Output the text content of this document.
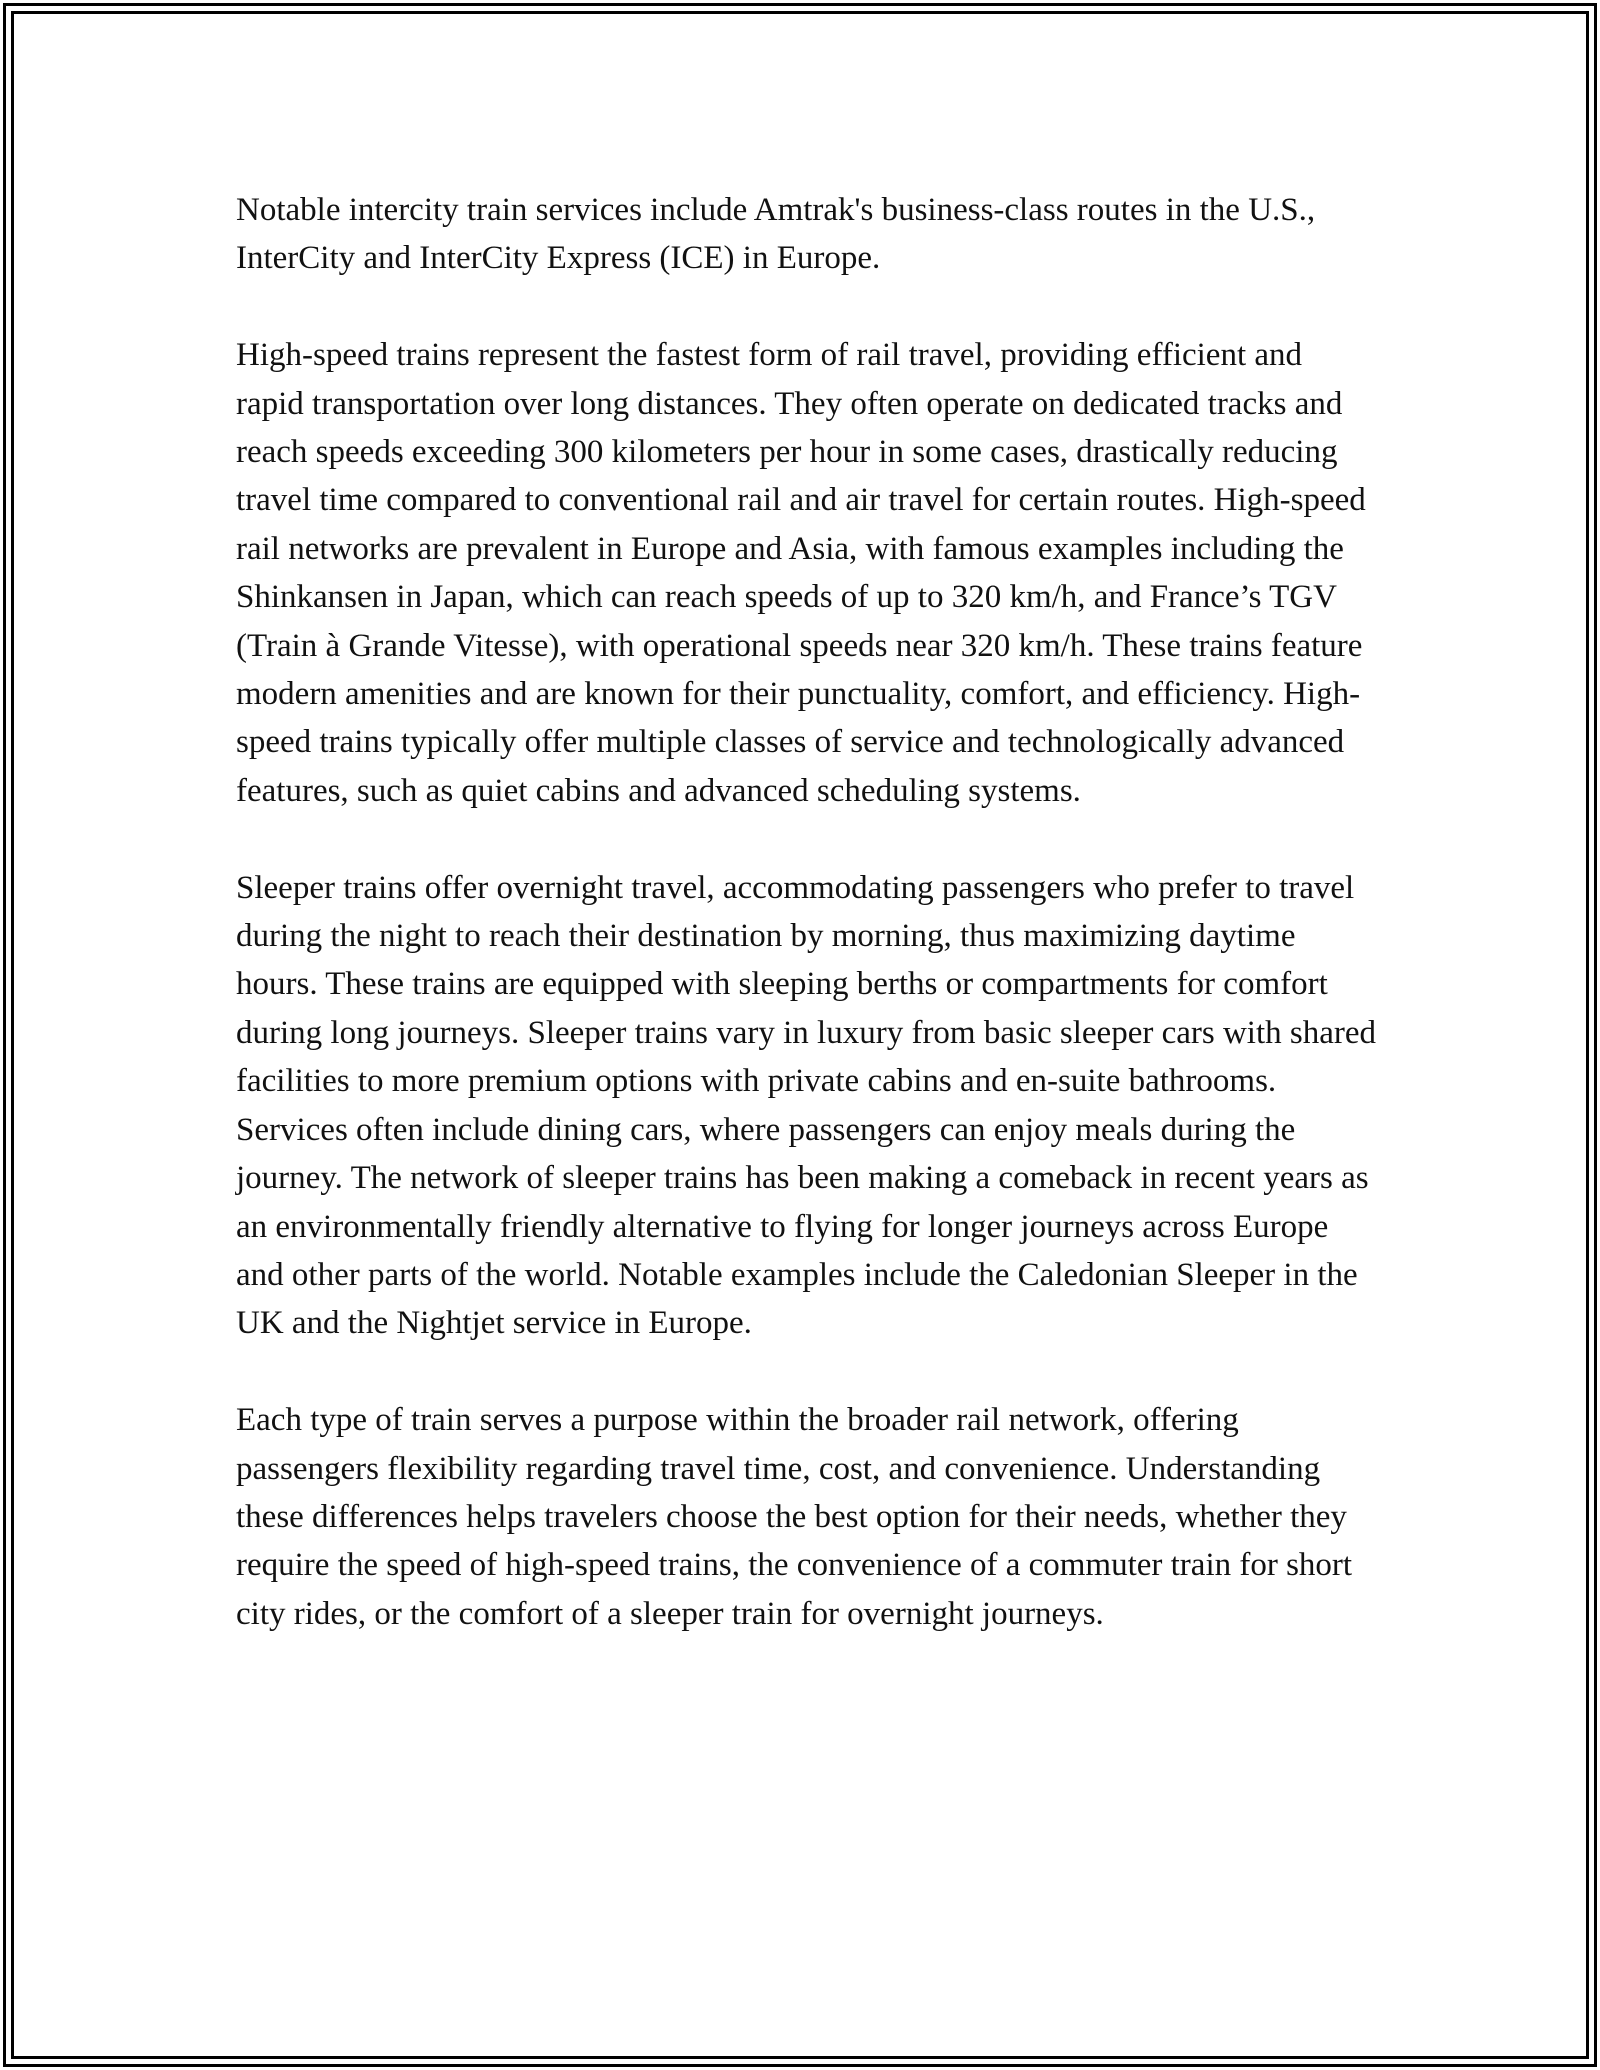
Notable intercity train services include Amtrak's business-class routes in the U.S., InterCity and InterCity Express (ICE) in Europe.

High-speed trains represent the fastest form of rail travel, providing efficient and rapid transportation over long distances. They often operate on dedicated tracks and reach speeds exceeding 300 kilometers per hour in some cases, drastically reducing travel time compared to conventional rail and air travel for certain routes. High-speed rail networks are prevalent in Europe and Asia, with famous examples including the Shinkansen in Japan, which can reach speeds of up to 320 km/h, and France’s TGV (Train à Grande Vitesse), with operational speeds near 320 km/h. These trains feature modern amenities and are known for their punctuality, comfort, and efficiency. High-speed trains typically offer multiple classes of service and technologically advanced features, such as quiet cabins and advanced scheduling systems.

Sleeper trains offer overnight travel, accommodating passengers who prefer to travel during the night to reach their destination by morning, thus maximizing daytime hours. These trains are equipped with sleeping berths or compartments for comfort during long journeys. Sleeper trains vary in luxury from basic sleeper cars with shared facilities to more premium options with private cabins and en-suite bathrooms. Services often include dining cars, where passengers can enjoy meals during the journey. The network of sleeper trains has been making a comeback in recent years as an environmentally friendly alternative to flying for longer journeys across Europe and other parts of the world. Notable examples include the Caledonian Sleeper in the UK and the Nightjet service in Europe.

Each type of train serves a purpose within the broader rail network, offering passengers flexibility regarding travel time, cost, and convenience. Understanding these differences helps travelers choose the best option for their needs, whether they require the speed of high-speed trains, the convenience of a commuter train for short city rides, or the comfort of a sleeper train for overnight journeys.
